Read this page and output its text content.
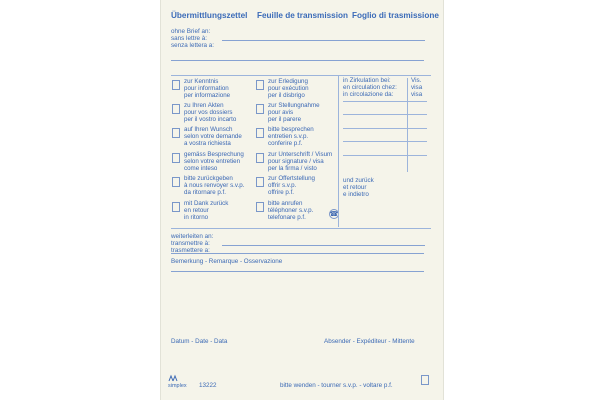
Übermittlungszettel Feuille de transmission Foglio di trasmissione
ohne Brief an:
sans lettre à:
senza lettera a:
zur Kenntnis
pour information
per informazione
zu Ihren Akten
pour vos dossiers
per il vostro incarto
auf Ihren Wunsch
selon votre demande
a vostra richiesta
gemäss Besprechung
selon votre entretien
come inteso
bitte zurückgeben
à nous renvoyer s.v.p.
da ritornare p.f.
mit Dank zurück
en retour
in ritorno
zur Erledigung
pour exécution
per il disbrigo
zur Stellungnahme
pour avis
per il parere
bitte besprechen
entretien s.v.p.
conferire p.f.
zur Unterschrift / Visum
pour signature / visa
per la firma / visto
zur Offertstellung
offrir s.v.p.
offrire p.f.
bitte anrufen
téléphoner s.v.p.
telefonare p.f.	☎
in Zirkulation bei:
en circulation chez:
in circolazione da:
Vis.
visa
visa
und zurück
et retour
e indietro
weiterleiten an:
transmettre à:
trasmettere a:
Bemerkung - Remarque - Osservazione
Datum - Date - Data	Absender - Expéditeur - Mittente
simplex 13222	bitte wenden - tourner s.v.p. - voltare p.f.
